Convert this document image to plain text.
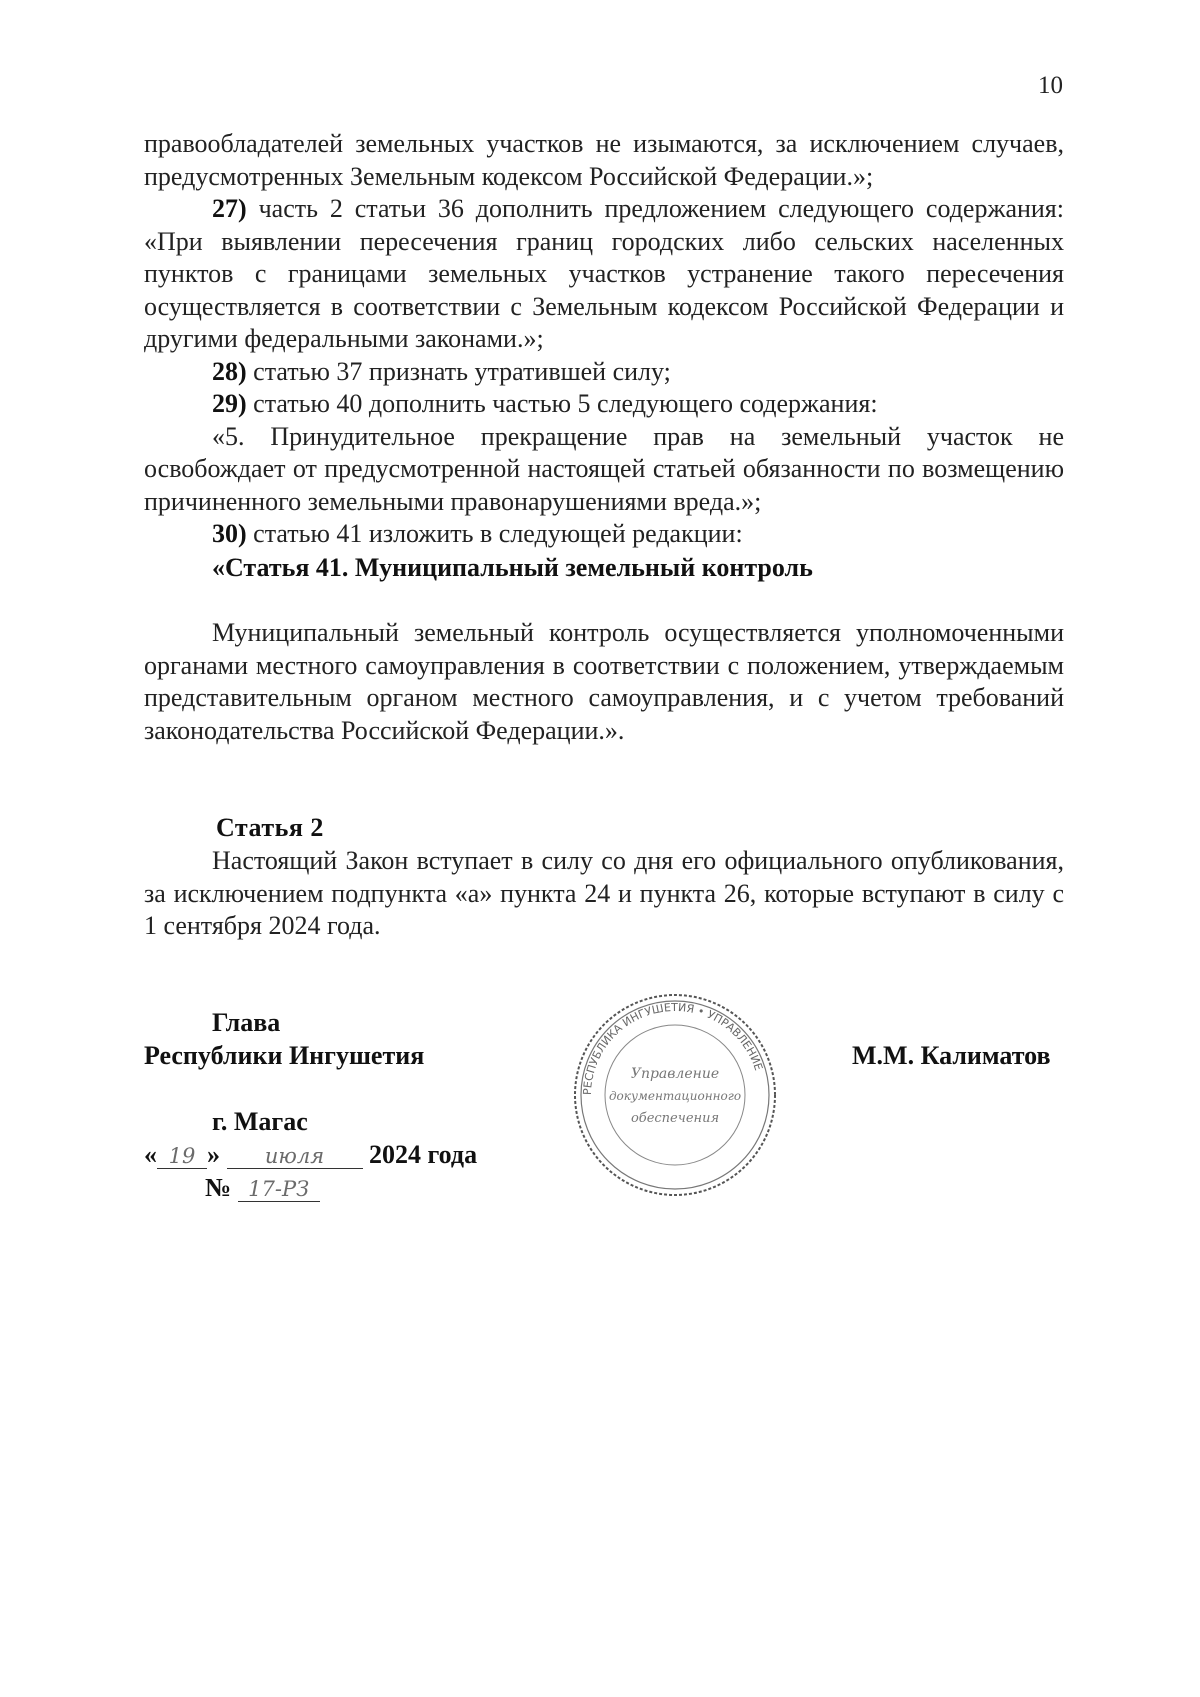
10

правообладателей земельных участков не изымаются, за исключением случаев, предусмотренных Земельным кодексом Российской Федерации.»;

27) часть 2 статьи 36 дополнить предложением следующего содержания: «При выявлении пересечения границ городских либо сельских населенных пунктов с границами земельных участков устранение такого пересечения осуществляется в соответствии с Земельным кодексом Российской Федерации и другими федеральными законами.»;

28) статью 37 признать утратившей силу;

29) статью 40 дополнить частью 5 следующего содержания:

«5. Принудительное прекращение прав на земельный участок не освобождает от предусмотренной настоящей статьей обязанности по возмещению причиненного земельными правонарушениями вреда.»;

30) статью 41 изложить в следующей редакции:

«Статья 41. Муниципальный земельный контроль

Муниципальный земельный контроль осуществляется уполномоченными органами местного самоуправления в соответствии с положением, утверждаемым представительным органом местного самоуправления, и с учетом требований законодательства Российской Федерации.».

Статья 2

Настоящий Закон вступает в силу со дня его официального опубликования, за исключением подпункта «а» пункта 24 и пункта 26, которые вступают в силу с 1 сентября 2024 года.

Глава
Республики Ингушетия	М.М. Калиматов
г. Магас
« 19 » июля 2024 года
№ 17-РЗ
РЕСПУБЛИКА ИНГУШЕТИЯ • УПРАВЛЕНИЕ
Управление
документационного
обеспечения
